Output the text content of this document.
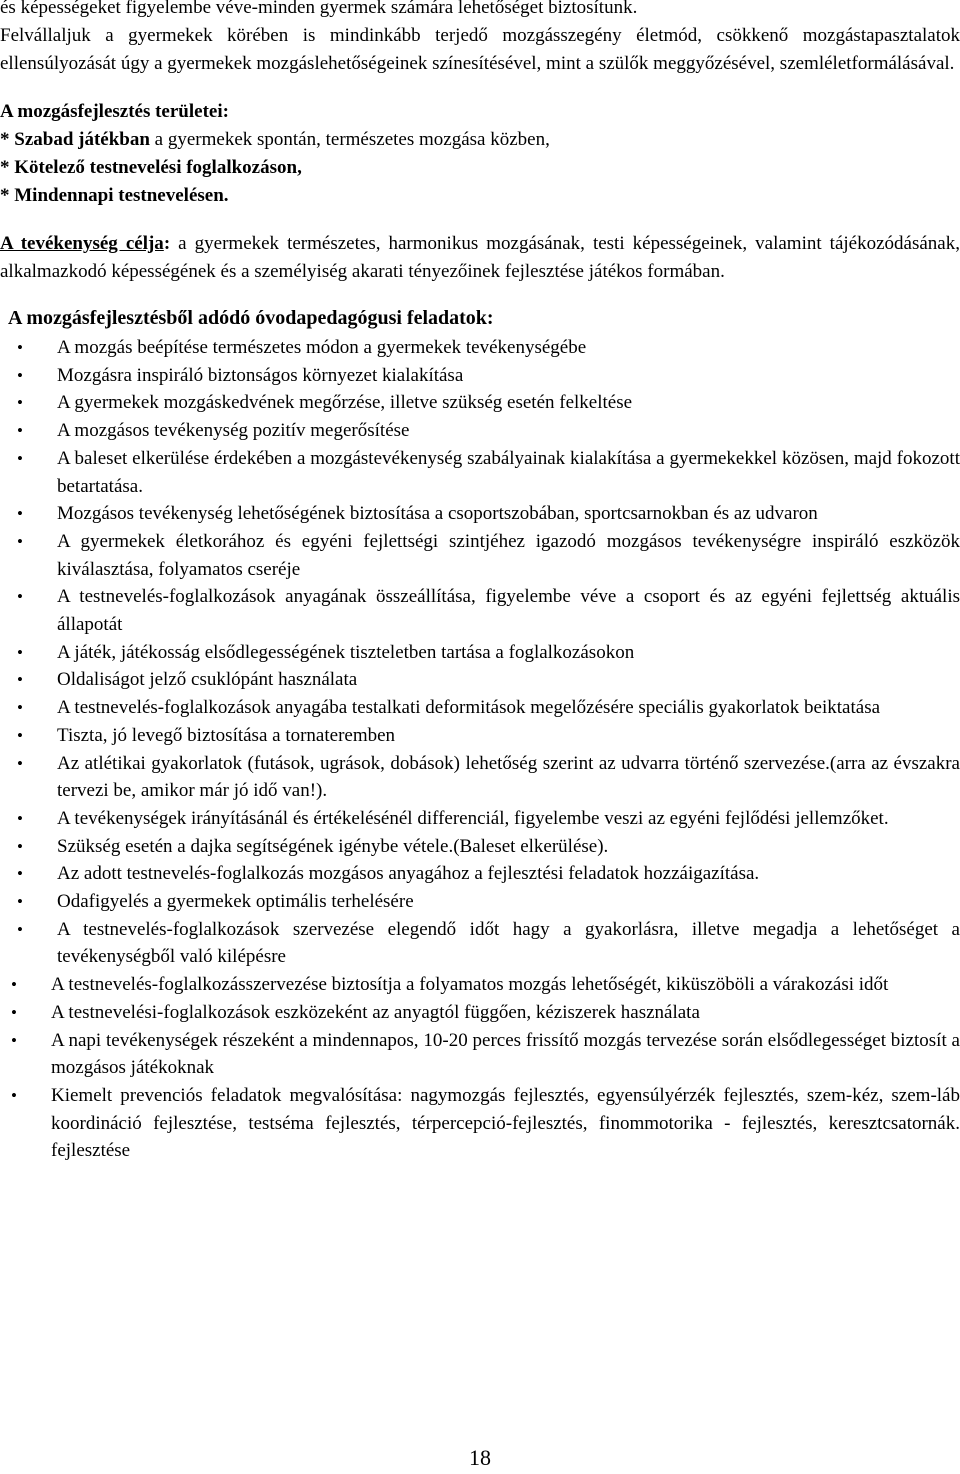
és képességeket figyelembe véve-minden gyermek számára lehetőséget biztosítunk.

Felvállaljuk a gyermekek körében is mindinkább terjedő mozgásszegény életmód, csökkenő mozgástapasztalatok ellensúlyozását úgy a gyermekek mozgáslehetőségeinek színesítésével, mint a szülők meggyőzésével, szemléletformálásával.

A mozgásfejlesztés területei:
* Szabad játékban a gyermekek spontán, természetes mozgása közben,
* Kötelező testnevelési foglalkozáson,
* Mindennapi testnevelésen.

A tevékenység célja: a gyermekek természetes, harmonikus mozgásának, testi képességeinek, valamint tájékozódásának, alkalmazkodó képességének és a személyiség akarati tényezőinek fejlesztése játékos formában.

A mozgásfejlesztésből adódó óvodapedagógusi feladatok:
• A mozgás beépítése természetes módon a gyermekek tevékenységébe
• Mozgásra inspiráló biztonságos környezet kialakítása
• A gyermekek mozgáskedvének megőrzése, illetve szükség esetén felkeltése
• A mozgásos tevékenység pozitív megerősítése
• A baleset elkerülése érdekében a mozgástevékenység szabályainak kialakítása a gyermekekkel közösen, majd fokozott betartatása.
• Mozgásos tevékenység lehetőségének biztosítása a csoportszobában, sportcsarnokban és az udvaron
• A gyermekek életkorához és egyéni fejlettségi szintjéhez igazodó mozgásos tevékenységre inspiráló eszközök kiválasztása, folyamatos cseréje
• A testnevelés-foglalkozások anyagának összeállítása, figyelembe véve a csoport és az egyéni fejlettség aktuális állapotát
• A játék, játékosság elsődlegességének tiszteletben tartása a foglalkozásokon
• Oldaliságot jelző csuklópánt használata
• A testnevelés-foglalkozások anyagába testalkati deformitások megelőzésére speciális gyakorlatok beiktatása
• Tiszta, jó levegő biztosítása a tornateremben
• Az atlétikai gyakorlatok (futások, ugrások, dobások) lehetőség szerint az udvarra történő szervezése.(arra az évszakra tervezi be, amikor már jó idő van!).
• A tevékenységek irányításánál és értékelésénél differenciál, figyelembe veszi az egyéni fejlődési jellemzőket.
• Szükség esetén a dajka segítségének igénybe vétele.(Baleset elkerülése).
• Az adott testnevelés-foglalkozás mozgásos anyagához a fejlesztési feladatok hozzáigazítása.
• Odafigyelés a gyermekek optimális terhelésére
• A testnevelés-foglalkozások szervezése elegendő időt hagy a gyakorlásra, illetve megadja a lehetőséget a tevékenységből való kilépésre
• A testnevelés-foglalkozásszervezése biztosítja a folyamatos mozgás lehetőségét, kiküszöböli a várakozási időt
• A testnevelési-foglalkozások eszközeként az anyagtól függően, kéziszerek használata
• A napi tevékenységek részeként a mindennapos, 10-20 perces frissítő mozgás tervezése során elsődlegességet biztosít a mozgásos játékoknak
• Kiemelt prevenciós feladatok megvalósítása: nagymozgás fejlesztés, egyensúlyérzék fejlesztés, szem-kéz, szem-láb koordináció fejlesztése, testséma fejlesztés, térpercepció-fejlesztés, finommotorika - fejlesztés, keresztcsatornák. fejlesztése
18
